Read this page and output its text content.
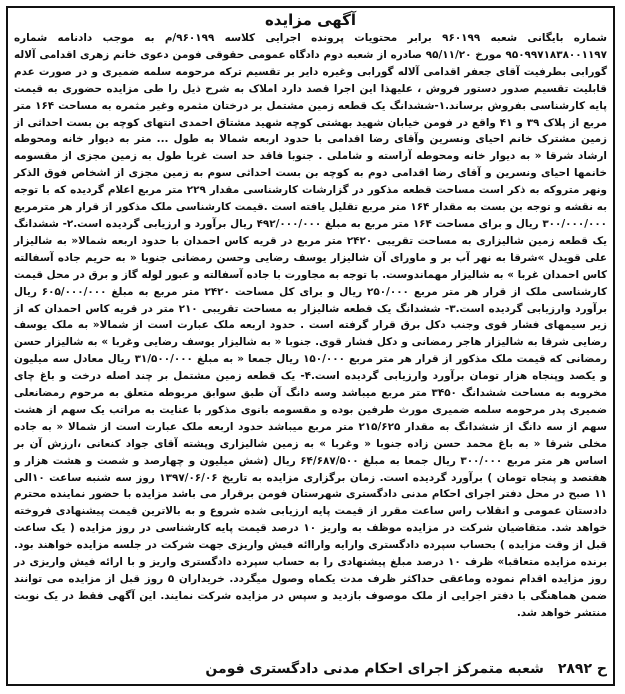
آگهی مزایده

شماره بایگانی شعبه ۹۶۰۱۹۹ برابر محتویات پرونده اجرایی کلاسه ۹۶۰۱۹۹/م به موجب دادنامه شماره ۹۵۰۹۹۷۱۸۳۸۰۰۱۱۹۷ مورخ ۹۵/۱۱/۲۰ صادره از شعبه دوم دادگاه عمومی حقوقی فومن دعوی خانم زهری اقدامی آلاله گورابی بطرفیت آقای جعفر اقدامی آلاله گورابی وغیره دایر بر تقسیم ترکه مرحومه سلمه ضمیری و در صورت عدم قابلیت تقسیم صدور دستور فروش ، علیهذا این اجرا قصد دارد املاک به شرح ذیل را طی مزایده حضوری به قیمت پایه کارشناسی بفروش برساند.۱-ششدانگ یک قطعه زمین مشتمل بر درختان مثمره وغیر مثمره به مساحت ۱۶۴ متر مربع از پلاک ۳۹ و ۴۱ واقع در فومن خیابان شهید بهشتی کوچه شهید مشتاق احمدی انتهای کوچه بن بست احداثی از زمین مشترک خانم احیای ونسرین وآقای رضا اقدامی با حدود اربعه شمالا به طول ... متر به دیوار خانه ومحوطه ارشاد شرقا « به دیوار خانه ومحوطه آراسته و شاملی . جنوبا فاقد حد است غربا طول به زمین مجزی از مقسومه خانمها احیای ونسرین و آقای رضا اقدامی دوم به کوچه بن بست احداثی سوم به زمین مجزی از اشخاص فوق الذکر ونهر متروکه به ذکر است مساحت قطعه مذکور در گزارشات کارشناسی مقدار ۲۲۹ متر مربع اعلام گردیده که با توجه به نقشه و توجه بن بست به مقدار ۱۶۴ متر مربع تقلیل یافته است .قیمت کارشناسی ملک مذکور از قرار هر مترمربع ۳۰۰/۰۰۰/۰۰۰ ریال و برای مساحت ۱۶۴ متر مربع به مبلغ ۴۹۲/۰۰۰/۰۰۰ ریال برآورد و ارزیابی گردیده است.۲- ششدانگ یک قطعه زمین شالیزاری به مساحت تقریبی ۲۴۲۰ متر مربع در قریه کاس احمدان با حدود اربعه شمالا« به شالیزار علی قویدل »شرقا به نهر آب بر و ماورای آن شالیزار یوسف رضایی وحسن رمضانی جنوبا « به حریم جاده آسفالته کاس احمدان غربا » به شالیزار مهماندوست. با توجه به مجاورت با جاده آسفالته و عبور لوله گاز و برق در محل قیمت کارشناسی ملک از قرار هر متر مربع ۲۵۰/۰۰۰ ریال و برای کل مساحت ۲۴۲۰ متر مربع به مبلغ ۶۰۵/۰۰۰/۰۰۰ ریال برآورد وارزیابی گردیده است.۳- ششدانگ یک قطعه شالیزار به مساحت تقریبی ۲۱۰ متر در قریه کاس احمدان که از زیر سیمهای فشار قوی وجنب دکل برق قرار گرفته است . حدود اربعه ملک عبارت است از شمالا« به ملک یوسف رضایی شرقا به شالیزار هاجر رمضانی و دکل فشار قوی. جنوبا « به شالیزار یوسف رضایی وغربا » به شالیزار حسن رمضانی که قیمت ملک مذکور از قرار هر متر مربع ۱۵۰/۰۰۰ ریال جمعا « به مبلغ ۳۱/۵۰۰/۰۰۰ ریال معادل سه میلیون و یکصد وپنجاه هزار تومان برآورد وارزیابی گردیده است.۴- یک قطعه زمین مشتمل بر چند اصله درخت و باغ چای مخروبه به مساحت ششدانگ ۳۴۵۰ متر مربع میباشد وسه دانگ آن طبق سوابق مربوطه متعلق به مرحوم رمضانعلی ضمیری پدر مرحومه سلمه ضمیری مورث طرفین بوده و مقسومه بانوی مذکور با عنایت به مراتب یک سهم از هشت سهم از سه دانگ از ششدانگ به مقدار ۲۱۵/۶۲۵ متر مربع میباشد حدود اربعه ملک عبارت است از شمالا « به جاده مخلی شرقا « به باغ محمد حسن زاده جنوبا « وغربا » به زمین شالیزاری وپشته آقای جواد کنعانی ،ارزش آن بر اساس هر متر مربع ۳۰۰/۰۰۰ ریال جمعا به مبلغ ۶۴/۶۸۷/۵۰۰ ریال (شش میلیون و چهارصد و شصت و هشت هزار و هفتصد و پنجاه تومان ) برآورد گردیده است. زمان برگزاری مزایده به تاریخ ۱۳۹۷/۰۶/۰۶ روز سه شنبه ساعت ۱۰الی ۱۱ صبح در محل دفتر اجرای احکام مدنی دادگستری شهرستان فومن برقرار می باشد مزایده با حضور نماینده محترم دادستان عمومی و انقلاب راس ساعت مقرر از قیمت پایه ارزیابی شده شروع و به بالاترین قیمت پیشنهادی فروخته خواهد شد. متقاضیان شرکت در مزایده موظف به واریز ۱۰ درصد قیمت پایه کارشناسی در روز مزایده ( یک ساعت قبل از وقت مزایده ) بحساب سپرده دادگستری وارایه واراائه فیش واریزی جهت شرکت در جلسه مزایده خواهند بود. برنده مزایده متعاقبا» ظرف ۱۰ درصد مبلغ پیشنهادی را به حساب سپرده دادگستری واریز و با ارائه فیش واریزی در روز مزایده اقدام نموده وماعقی حداکثر ظرف مدت یکماه وصول میگردد. خریداران ۵ روز قبل از مزایده می توانند ضمن هماهنگی با دفتر اجرایی از ملک موصوف بازدید و سپس در مزایده شرکت نمایند. این آگهی فقط در یک نوبت منتشر خواهد شد.

ح ۲۸۹۲
شعبه متمرکز اجرای احکام مدنی دادگستری فومن
